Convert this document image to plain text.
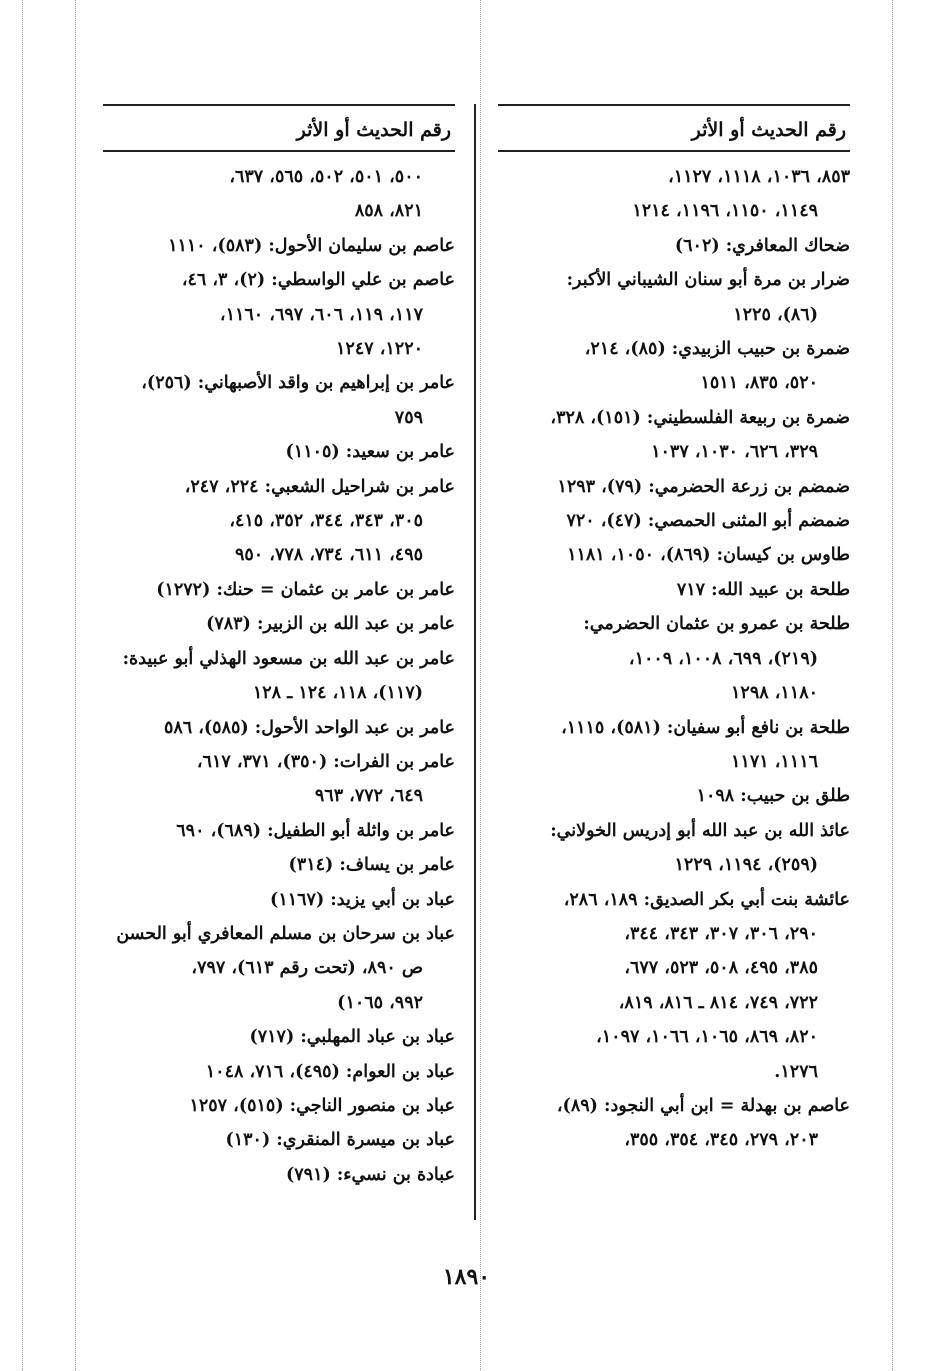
رقم الحديث أو الأثر
٨٥٣، ١٠٣٦، ١١١٨، ١١٢٧،
١١٤٩، ١١٥٠، ١١٩٦، ١٢١٤
ضحاك المعافري: (٦٠٢)
ضرار بن مرة أبو سنان الشيباني الأكبر:
(٨٦)، ١٢٢٥
ضمرة بن حبيب الزبيدي: (٨٥)، ٢١٤،
٥٢٠، ٨٣٥، ١٥١١
ضمرة بن ربيعة الفلسطيني: (١٥١)، ٣٢٨،
٣٢٩، ٦٢٦، ١٠٣٠، ١٠٣٧
ضمضم بن زرعة الحضرمي: (٧٩)، ١٢٩٣
ضمضم أبو المثنى الحمصي: (٤٧)، ٧٢٠
طاوس بن كيسان: (٨٦٩)، ١٠٥٠، ١١٨١
طلحة بن عبيد الله: ٧١٧
طلحة بن عمرو بن عثمان الحضرمي:
(٢١٩)، ٦٩٩، ١٠٠٨، ١٠٠٩،
١١٨٠، ١٢٩٨
طلحة بن نافع أبو سفيان: (٥٨١)، ١١١٥،
١١١٦، ١١٧١
طلق بن حبيب: ١٠٩٨
عائذ الله بن عبد الله أبو إدريس الخولاني:
(٢٥٩)، ١١٩٤، ١٢٢٩
عائشة بنت أبي بكر الصديق: ١٨٩، ٢٨٦،
٢٩٠، ٣٠٦، ٣٠٧، ٣٤٣، ٣٤٤،
٣٨٥، ٤٩٥، ٥٠٨، ٥٢٣، ٦٧٧،
٧٢٢، ٧٤٩، ٨١٤ ـ ٨١٦، ٨١٩،
٨٢٠، ٨٦٩، ١٠٦٥، ١٠٦٦، ١٠٩٧،
١٢٧٦.
عاصم بن بهدلة = ابن أبي النجود: (٨٩)،
٢٠٣، ٢٧٩، ٣٤٥، ٣٥٤، ٣٥٥،
رقم الحديث أو الأثر
٥٠٠، ٥٠١، ٥٠٢، ٥٦٥، ٦٣٧،
٨٢١، ٨٥٨
عاصم بن سليمان الأحول: (٥٨٣)، ١١١٠
عاصم بن علي الواسطي: (٢)، ٣، ٤٦،
١١٧، ١١٩، ٦٠٦، ٦٩٧، ١١٦٠،
١٢٢٠، ١٢٤٧
عامر بن إبراهيم بن واقد الأصبهاني: (٢٥٦)،
٧٥٩
عامر بن سعيد: (١١٠٥)
عامر بن شراحيل الشعبي: ٢٢٤، ٢٤٧،
٣٠٥، ٣٤٣، ٣٤٤، ٣٥٢، ٤١٥،
٤٩٥، ٦١١، ٧٣٤، ٧٧٨، ٩٥٠
عامر بن عامر بن عثمان = حنك: (١٢٧٢)
عامر بن عبد الله بن الزبير: (٧٨٣)
عامر بن عبد الله بن مسعود الهذلي أبو عبيدة:
(١١٧)، ١١٨، ١٢٤ ـ ١٢٨
عامر بن عبد الواحد الأحول: (٥٨٥)، ٥٨٦
عامر بن الفرات: (٣٥٠)، ٣٧١، ٦١٧،
٦٤٩، ٧٧٢، ٩٦٣
عامر بن واثلة أبو الطفيل: (٦٨٩)، ٦٩٠
عامر بن يساف: (٣١٤)
عباد بن أبي يزيد: (١١٦٧)
عباد بن سرحان بن مسلم المعافري أبو الحسن
ص ٨٩٠، (تحت رقم ٦١٣)، ٧٩٧،
٩٩٢، ١٠٦٥)
عباد بن عباد المهلبي: (٧١٧)
عباد بن العوام: (٤٩٥)، ٧١٦، ١٠٤٨
عباد بن منصور الناجي: (٥١٥)، ١٢٥٧
عباد بن ميسرة المنقري: (١٣٠)
عبادة بن نسيء: (٧٩١)
١٨٩٠
